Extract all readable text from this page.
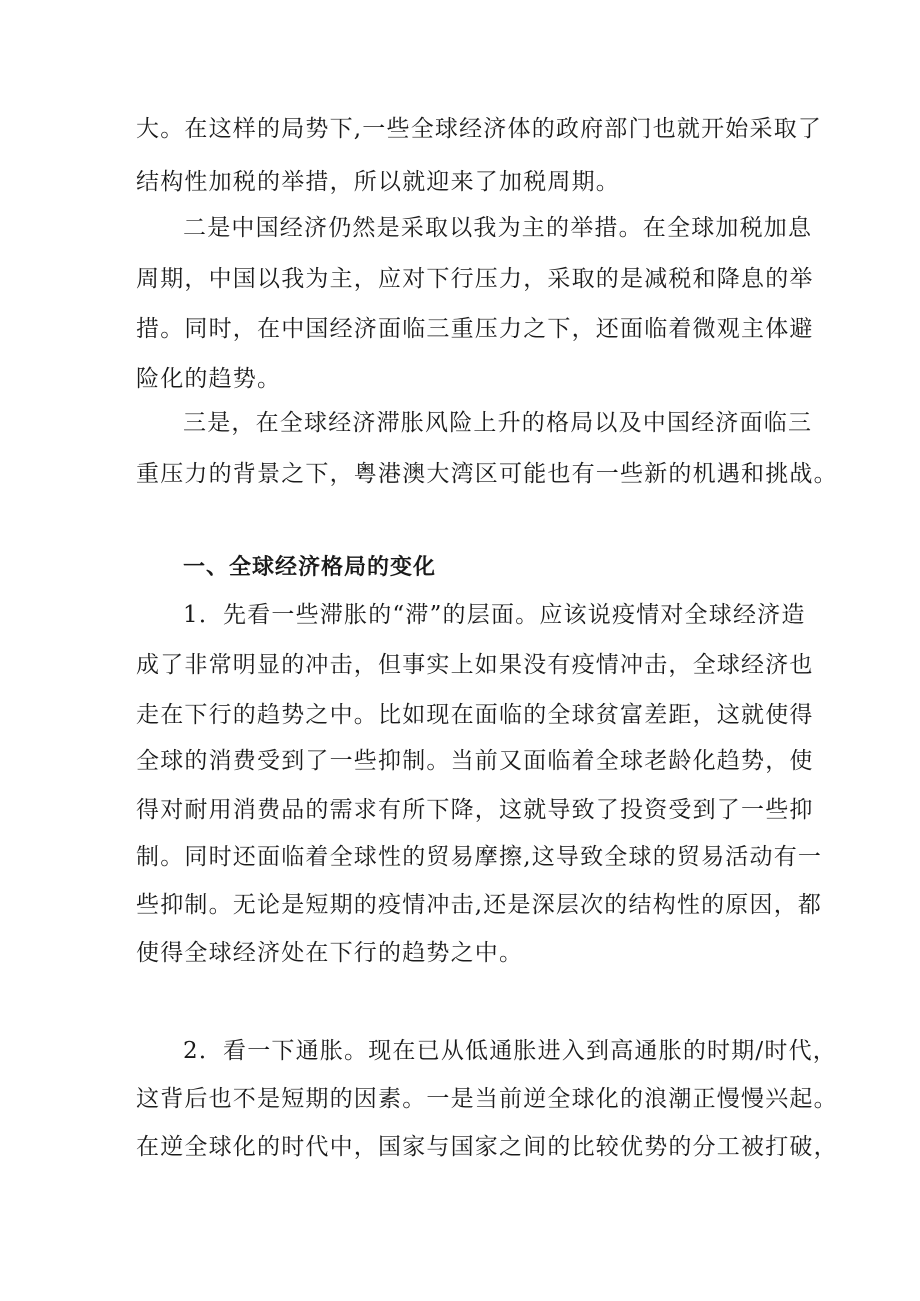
大。在这样的局势下,一些全球经济体的政府部门也就开始采取了
结构性加税的举措，所以就迎来了加税周期。
二是中国经济仍然是采取以我为主的举措。在全球加税加息
周期，中国以我为主，应对下行压力，采取的是减税和降息的举
措。同时，在中国经济面临三重压力之下，还面临着微观主体避
险化的趋势。
三是，在全球经济滞胀风险上升的格局以及中国经济面临三
重压力的背景之下，粤港澳大湾区可能也有一些新的机遇和挑战。
一、全球经济格局的变化
1．先看一些滞胀的“滞”的层面。应该说疫情对全球经济造
成了非常明显的冲击，但事实上如果没有疫情冲击，全球经济也
走在下行的趋势之中。比如现在面临的全球贫富差距，这就使得
全球的消费受到了一些抑制。当前又面临着全球老龄化趋势，使
得对耐用消费品的需求有所下降，这就导致了投资受到了一些抑
制。同时还面临着全球性的贸易摩擦,这导致全球的贸易活动有一
些抑制。无论是短期的疫情冲击,还是深层次的结构性的原因，都
使得全球经济处在下行的趋势之中。
2．看一下通胀。现在已从低通胀进入到高通胀的时期/时代，
这背后也不是短期的因素。一是当前逆全球化的浪潮正慢慢兴起。
在逆全球化的时代中，国家与国家之间的比较优势的分工被打破，
